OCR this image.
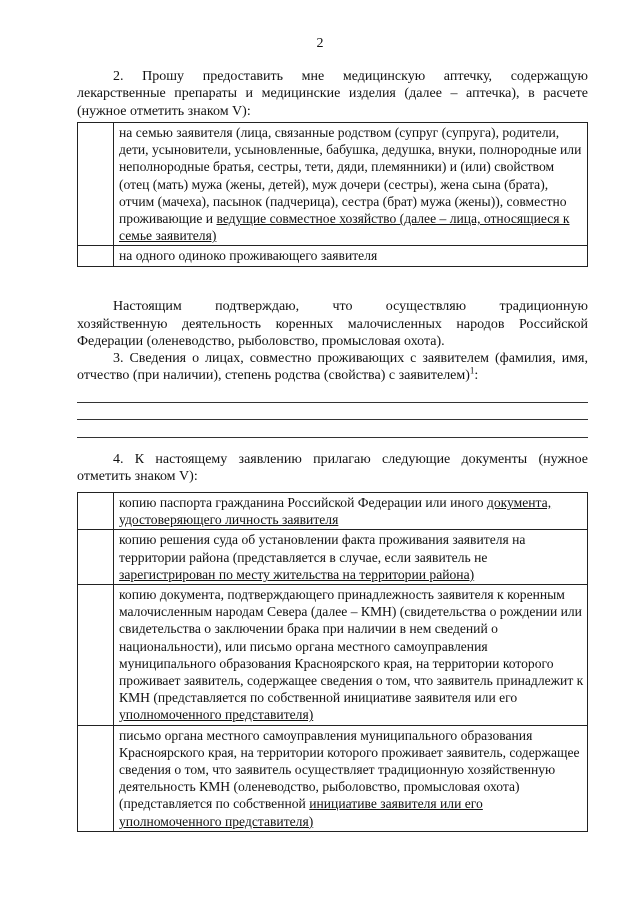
2

2. Прошу предоставить мне медицинскую аптечку, содержащую лекарственные препараты и медицинские изделия (далее – аптечка), в расчете (нужное отметить знаком V):

	на семью заявителя (лица, связанные родством (супруг (супруга), родители, дети, усыновители, усыновленные, бабушка, дедушка, внуки, полнородные или неполнородные братья, сестры, тети, дяди, племянники) и (или) свойством (отец (мать) мужа (жены, детей), муж дочери (сестры), жена сына (брата), отчим (мачеха), пасынок (падчерица), сестра (брат) мужа (жены)), совместно проживающие и ведущие совместное хозяйство (далее – лица, относящиеся к семье заявителя)
	на одного одиноко проживающего заявителя

Настоящим подтверждаю, что осуществляю традиционную

хозяйственную деятельность коренных малочисленных народов Российской Федерации (оленеводство, рыболовство, промысловая охота).

3. Сведения о лицах, совместно проживающих с заявителем (фамилия, имя, отчество (при наличии), степень родства (свойства) с заявителем)$^1$:

4. К настоящему заявлению прилагаю следующие документы (нужное отметить знаком V):

	копию паспорта гражданина Российской Федерации или иного документа, удостоверяющего личность заявителя
	копию решения суда об установлении факта проживания заявителя на территории района (представляется в случае, если заявитель не зарегистрирован по месту жительства на территории района)
	копию документа, подтверждающего принадлежность заявителя к коренным малочисленным народам Севера (далее – КМН) (свидетельства о рождении или свидетельства о заключении брака при наличии в нем сведений о национальности), или письмо органа местного самоуправления муниципального образования Красноярского края, на территории которого проживает заявитель, содержащее сведения о том, что заявитель принадлежит к КМН (представляется по собственной инициативе заявителя или его уполномоченного представителя)
	письмо органа местного самоуправления муниципального образования Красноярского края, на территории которого проживает заявитель, содержащее сведения о том, что заявитель осуществляет традиционную хозяйственную деятельность КМН (оленеводство, рыболовство, промысловая охота) (представляется по собственной инициативе заявителя или его уполномоченного представителя)
